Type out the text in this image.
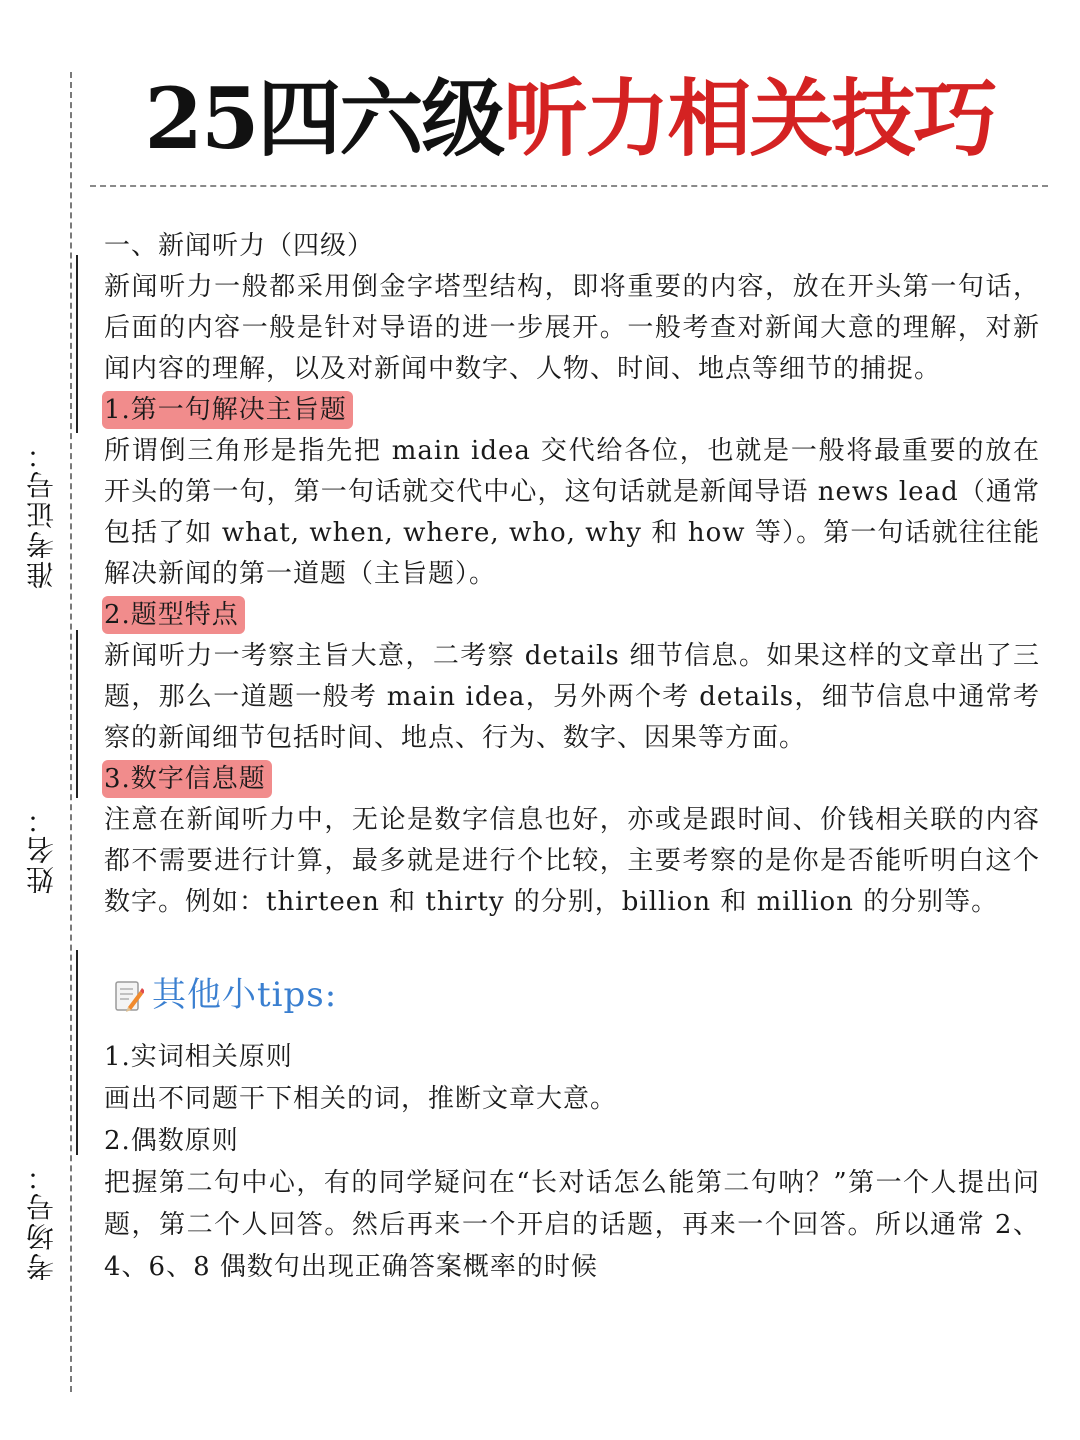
准考证号：
姓名：
考场号：
25四六级听力相关技巧

一、新闻听力（四级）

新闻听力一般都采用倒金字塔型结构，即将重要的内容，放在开头第一句话，后面的内容一般是针对导语的进一步展开。一般考查对新闻大意的理解，对新闻内容的理解，以及对新闻中数字、人物、时间、地点等细节的捕捉。

1.第一句解决主旨题

所谓倒三角形是指先把 main idea 交代给各位，也就是一般将最重要的放在开头的第一句，第一句话就交代中心，这句话就是新闻导语 news lead（通常包括了如 what, when, where, who, why 和 how 等）。第一句话就往往能解决新闻的第一道题（主旨题）。

2.题型特点

新闻听力一考察主旨大意，二考察 details 细节信息。如果这样的文章出了三题，那么一道题一般考 main idea，另外两个考 details，细节信息中通常考察的新闻细节包括时间、地点、行为、数字、因果等方面。

3.数字信息题

注意在新闻听力中，无论是数字信息也好，亦或是跟时间、价钱相关联的内容都不需要进行计算，最多就是进行个比较，主要考察的是你是否能听明白这个数字。例如：thirteen 和 thirty 的分别，billion 和 million 的分别等。

其他小tips:

1.实词相关原则

画出不同题干下相关的词，推断文章大意。

2.偶数原则

把握第二句中心，有的同学疑问在“长对话怎么能第二句呐？”第一个人提出问题，第二个人回答。然后再来一个开启的话题，再来一个回答。所以通常 2、4、6、8 偶数句出现正确答案概率的时候
